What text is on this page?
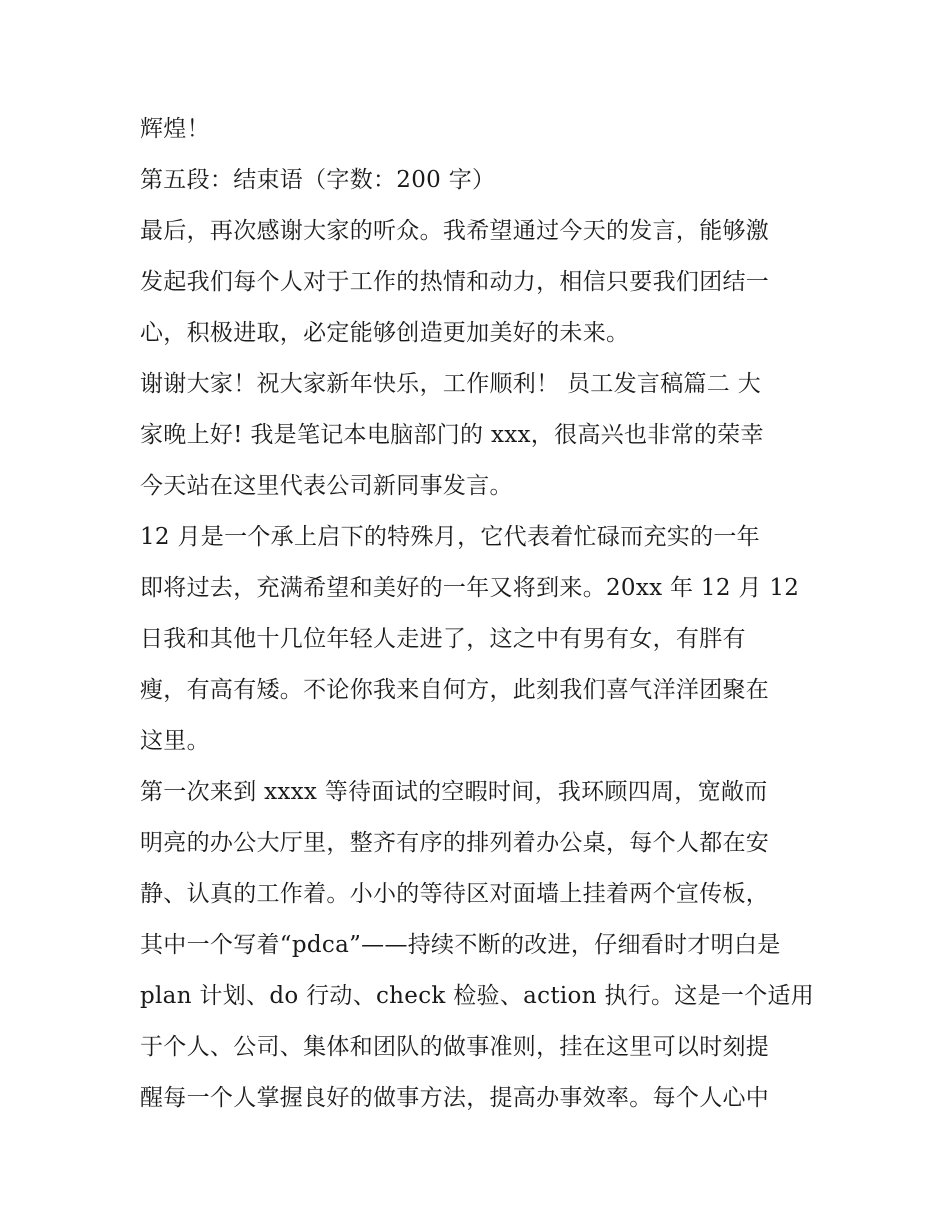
辉煌！
第五段：结束语（字数：200 字）
最后，再次感谢大家的听众。我希望通过今天的发言，能够激
发起我们每个人对于工作的热情和动力，相信只要我们团结一
心，积极进取，必定能够创造更加美好的未来。
谢谢大家！祝大家新年快乐，工作顺利！ 员工发言稿篇二 大
家晚上好! 我是笔记本电脑部门的 xxx，很高兴也非常的荣幸
今天站在这里代表公司新同事发言。
12 月是一个承上启下的特殊月，它代表着忙碌而充实的一年
即将过去，充满希望和美好的一年又将到来。20xx 年 12 月 12
日我和其他十几位年轻人走进了，这之中有男有女，有胖有
瘦，有高有矮。不论你我来自何方，此刻我们喜气洋洋团聚在
这里。
第一次来到 xxxx 等待面试的空暇时间，我环顾四周，宽敞而
明亮的办公大厅里，整齐有序的排列着办公桌，每个人都在安
静、认真的工作着。小小的等待区对面墙上挂着两个宣传板，
其中一个写着“pdca”——持续不断的改进，仔细看时才明白是
plan 计划、do 行动、check 检验、action 执行。这是一个适用
于个人、公司、集体和团队的做事准则，挂在这里可以时刻提
醒每一个人掌握良好的做事方法，提高办事效率。每个人心中
